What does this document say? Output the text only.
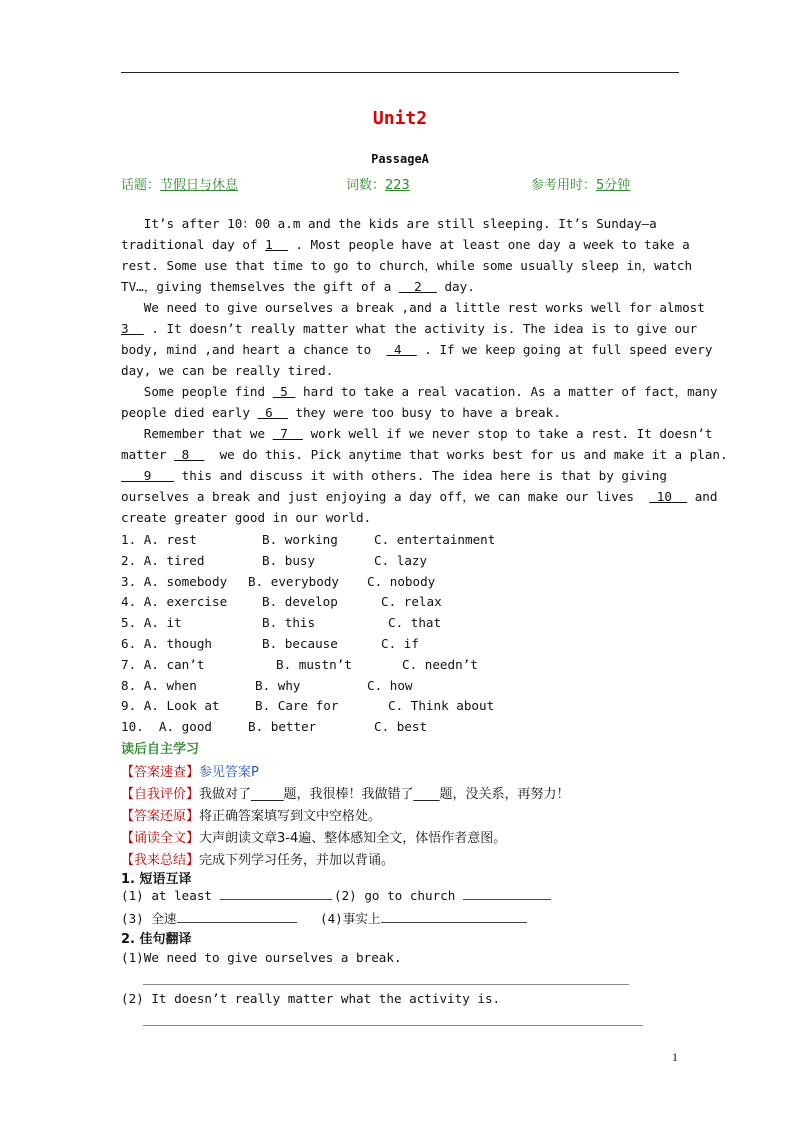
Unit2
PassageA
话题：节假日与休息	词数：223	参考用时：5分钟
It’s after 10：00 a.m and the kids are still sleeping. It’s Sunday—a
traditional day of 1   . Most people have at least one day a week to take a
rest. Some use that time to go to church，while some usually sleep in，watch
TV…，giving themselves the gift of a   2   day.
We need to give ourselves a break ,and a little rest works well for almost
3   . It doesn’t really matter what the activity is. The idea is to give our
body, mind ,and heart a chance to   4   . If we keep going at full speed every
day, we can be really tired.
Some people find  5  hard to take a real vacation. As a matter of fact，many
people died early  6   they were too busy to have a break.
Remember that we  7   work well if we never stop to take a rest. It doesn’t
matter  8    we do this. Pick anytime that works best for us and make it a plan.
9    this and discuss it with others. The idea here is that by giving
ourselves a break and just enjoying a day off，we can make our lives   10   and
create greater good in our world.
1. A. rest	B. working	C. entertainment
2. A. tired	B. busy	C. lazy
3. A. somebody B. everybody C. nobody
4. A. exercise	B. develop	C. relax
5. A. it	B. this	C. that
6. A. though	B. because	C. if
7. A. can’t	B. mustn’t	C. needn’t
8. A. when	B. why	C. how
9. A. Look at	B. Care for	C. Think about
10.  A. good	B. better	C. best
读后自主学习
【答案速查】参见答案P
【自我评价】我做对了_____题，我很棒！我做错了____题，没关系，再努力！
【答案还原】将正确答案填写到文中空格处。
【诵读全文】大声朗读文章3-4遍、整体感知全文，体悟作者意图。
【我来总结】完成下列学习任务，并加以背诵。
1. 短语互译
(1) at least	(2) go to church
(3) 全速	(4)事实上
2. 佳句翻译
(1)We need to give ourselves a break.
(2) It doesn’t really matter what the activity is.
1
